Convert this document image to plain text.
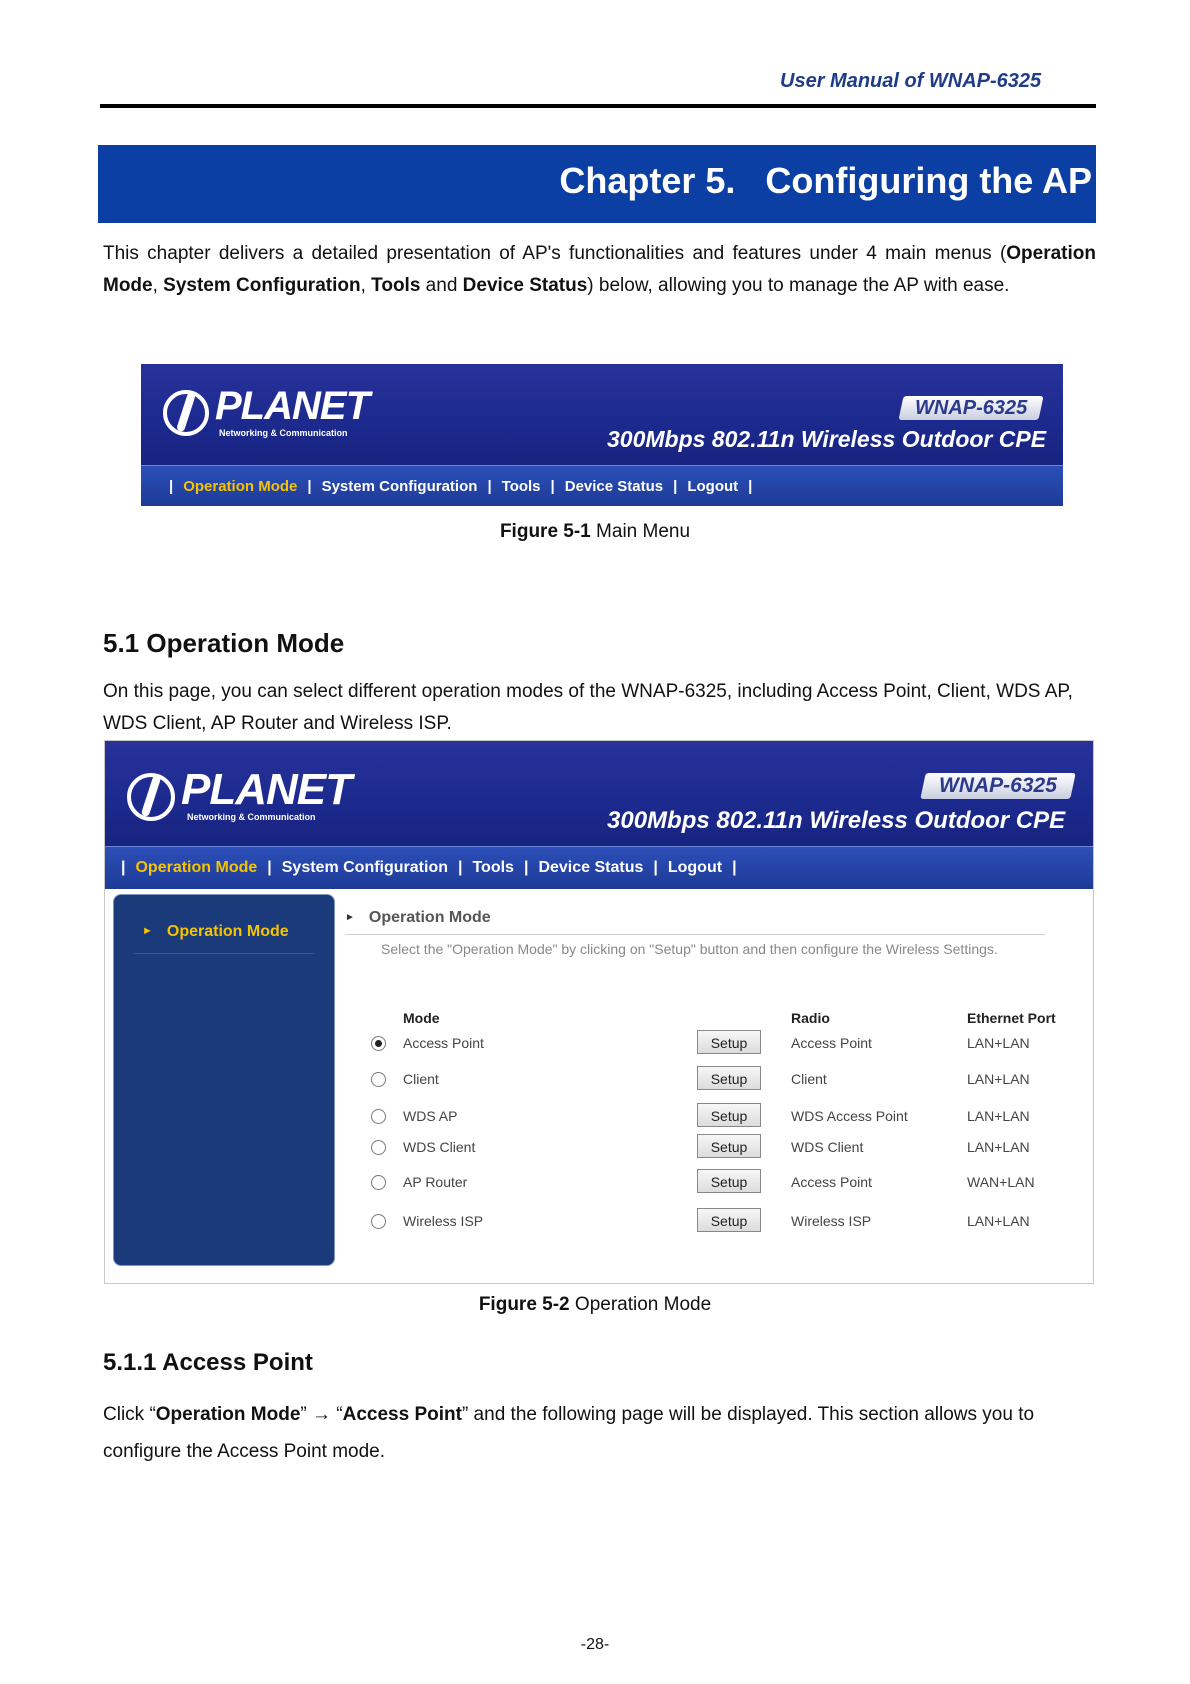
User Manual of WNAP-6325
Chapter 5.   Configuring the AP
This chapter delivers a detailed presentation of AP's functionalities and features under 4 main menus (Operation Mode, System Configuration, Tools and Device Status) below, allowing you to manage the AP with ease.
PLANET
Networking & Communication
WNAP-6325
300Mbps 802.11n Wireless Outdoor CPE
| Operation Mode | System Configuration | Tools | Device Status | Logout |
Figure 5-1 Main Menu
5.1 Operation Mode
On this page, you can select different operation modes of the WNAP-6325, including Access Point, Client, WDS AP, WDS Client, AP Router and Wireless ISP.
PLANET
Networking & Communication
WNAP-6325
300Mbps 802.11n Wireless Outdoor CPE
| Operation Mode | System Configuration | Tools | Device Status | Logout |
► Operation Mode
► Operation Mode
Select the "Operation Mode" by clicking on "Setup" button and then configure the Wireless Settings.
Mode	Radio	Ethernet Port
Access Point	Setup	Access Point	LAN+LAN
Client	Setup	Client	LAN+LAN
WDS AP	Setup	WDS Access Point	LAN+LAN
WDS Client	Setup	WDS Client	LAN+LAN
AP Router	Setup	Access Point	WAN+LAN
Wireless ISP	Setup	Wireless ISP	LAN+LAN
Figure 5-2 Operation Mode
5.1.1 Access Point
Click “Operation Mode” → “Access Point” and the following page will be displayed. This section allows you to configure the Access Point mode.
-28-
